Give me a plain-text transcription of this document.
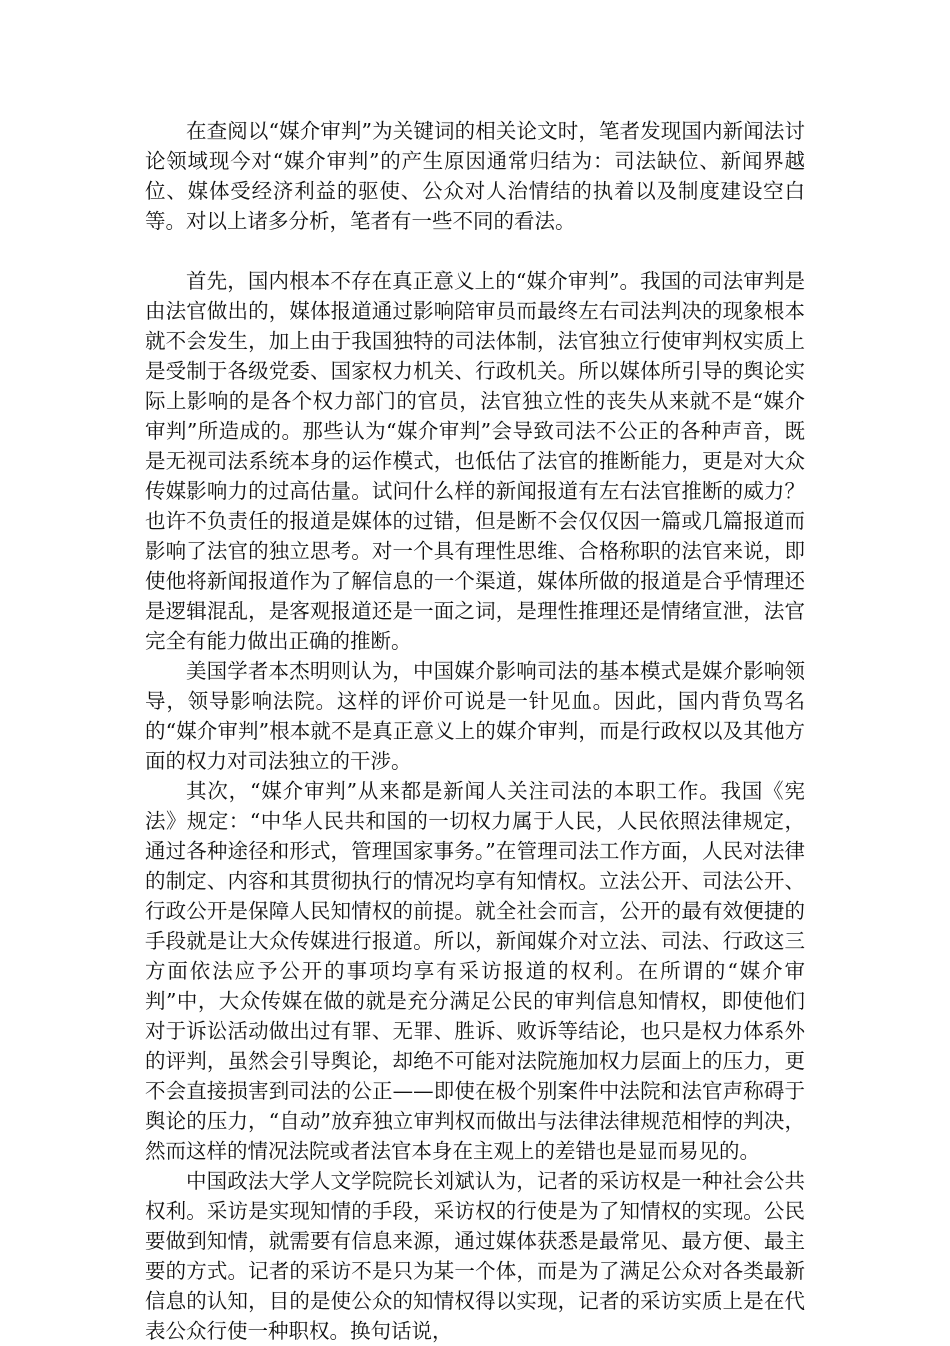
在查阅以“媒介审判”为关键词的相关论文时，笔者发现国内新闻法讨论领域现今对“媒介审判”的产生原因通常归结为：司法缺位、新闻界越位、媒体受经济利益的驱使、公众对人治情结的执着以及制度建设空白等。对以上诸多分析，笔者有一些不同的看法。

首先，国内根本不存在真正意义上的“媒介审判”。我国的司法审判是由法官做出的，媒体报道通过影响陪审员而最终左右司法判决的现象根本就不会发生，加上由于我国独特的司法体制，法官独立行使审判权实质上是受制于各级党委、国家权力机关、行政机关。所以媒体所引导的舆论实际上影响的是各个权力部门的官员，法官独立性的丧失从来就不是“媒介审判”所造成的。那些认为“媒介审判”会导致司法不公正的各种声音，既是无视司法系统本身的运作模式，也低估了法官的推断能力，更是对大众传媒影响力的过高估量。试问什么样的新闻报道有左右法官推断的威力？也许不负责任的报道是媒体的过错，但是断不会仅仅因一篇或几篇报道而影响了法官的独立思考。对一个具有理性思维、合格称职的法官来说，即使他将新闻报道作为了解信息的一个渠道，媒体所做的报道是合乎情理还是逻辑混乱，是客观报道还是一面之词，是理性推理还是情绪宣泄，法官完全有能力做出正确的推断。

美国学者本杰明则认为，中国媒介影响司法的基本模式是媒介影响领导，领导影响法院。这样的评价可说是一针见血。因此，国内背负骂名的“媒介审判”根本就不是真正意义上的媒介审判，而是行政权以及其他方面的权力对司法独立的干涉。

其次，“媒介审判”从来都是新闻人关注司法的本职工作。我国《宪法》规定：“中华人民共和国的一切权力属于人民，人民依照法律规定，通过各种途径和形式，管理国家事务。”在管理司法工作方面，人民对法律的制定、内容和其贯彻执行的情况均享有知情权。立法公开、司法公开、行政公开是保障人民知情权的前提。就全社会而言，公开的最有效便捷的手段就是让大众传媒进行报道。所以，新闻媒介对立法、司法、行政这三方面依法应予公开的事项均享有采访报道的权利。在所谓的“媒介审判”中，大众传媒在做的就是充分满足公民的审判信息知情权，即使他们对于诉讼活动做出过有罪、无罪、胜诉、败诉等结论，也只是权力体系外的评判，虽然会引导舆论，却绝不可能对法院施加权力层面上的压力，更不会直接损害到司法的公正——即使在极个别案件中法院和法官声称碍于舆论的压力，“自动”放弃独立审判权而做出与法律法律规范相悖的判决，然而这样的情况法院或者法官本身在主观上的差错也是显而易见的。

中国政法大学人文学院院长刘斌认为，记者的采访权是一种社会公共权利。采访是实现知情的手段，采访权的行使是为了知情权的实现。公民要做到知情，就需要有信息来源，通过媒体获悉是最常见、最方便、最主要的方式。记者的采访不是只为某一个体，而是为了满足公众对各类最新信息的认知，目的是使公众的知情权得以实现，记者的采访实质上是在代表公众行使一种职权。换句话说，
